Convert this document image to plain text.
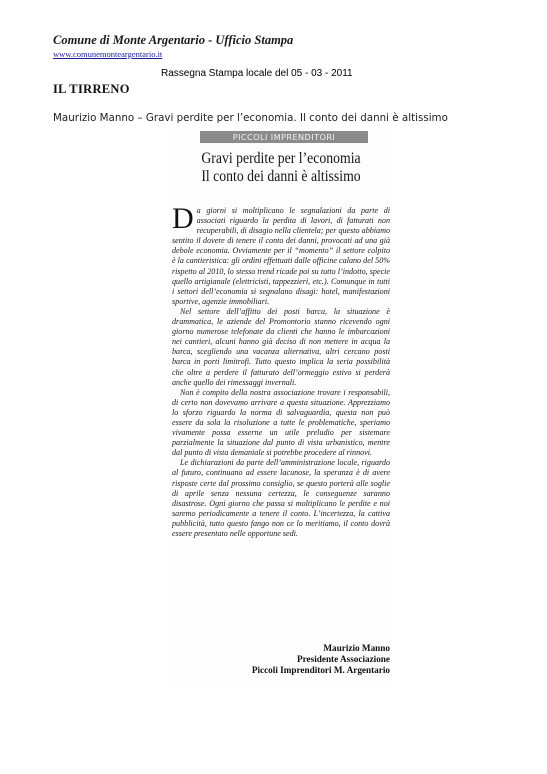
Comune di Monte Argentario - Ufficio Stampa
www.comunemonteargentario.it
Rassegna Stampa locale del 05 - 03 - 2011
IL TIRRENO
Maurizio Manno – Gravi perdite per l’economia. Il conto dei danni è altissimo
PICCOLI IMPRENDITORI
Gravi perdite per l’economia
Il conto dei danni è altissimo

Da giorni si moltiplicano le segnalazioni da parte di associati riguardo la perdita di lavori, di fatturati non recuperabili, di disagio nella clientela; per questo abbiamo sentito il dovere di tenere il conto dei danni, provocati ad una già debole economia. Ovviamente per il “momento” il settore colpito è la cantieristica: gli ordini effettuati dalle officine calano del 50% rispetto al 2010, lo stesso trend ricade poi su tutto l’indotto, specie quello artigianale (elettricisti, tappezzieri, etc.). Comunque in tutti i settori dell’economia si segnalano disagi: hotel, manifestazioni sportive, agenzie immobiliari.

Nel settore dell’affitto dei posti barca, la situazione è drammatica, le aziende del Promontorio stanno ricevendo ogni giorno numerose telefonate da clienti che hanno le imbarcazioni nei cantieri, alcuni hanno già deciso di non mettere in acqua la barca, scegliendo una vacanza alternativa, altri cercano posti barca in porti limitrofi. Tutto questo implica la seria possibilità che oltre a perdere il fatturato dell’ormeggio estivo si perderà anche quello dei rimessaggi invernali.

Non è compito della nostra associazione trovare i responsabili, di certo non dovevamo arrivare a questa situazione. Apprezziamo lo sforzo riguardo la norma di salvaguardia, questa non può essere da sola la risoluzione a tutte le problematiche, speriamo vivamente possa esserne un utile preludio per sistemare parzialmente la situazione dal punto di vista urbanistico, mentre dal punto di vista demaniale si potrebbe procedere al rinnovi.

Le dichiarazioni da parte dell’amministrazione locale, riguardo al futuro, continuano ad essere lacunose, la speranza è di avere risposte certe dal prossimo consiglio, se questo porterà alle soglie di aprile senza nessuna certezza, le conseguenze saranno disastrose. Ogni giorno che passa si moltiplicano le perdite e noi saremo periodicamente a tenere il conto. L’incertezza, la cattiva pubblicità, tutto questo fango non ce lo meritiamo, il conto dovrà essere presentato nelle opportune sedi.

Maurizio Manno
Presidente Associazione
Piccoli Imprenditori M. Argentario
